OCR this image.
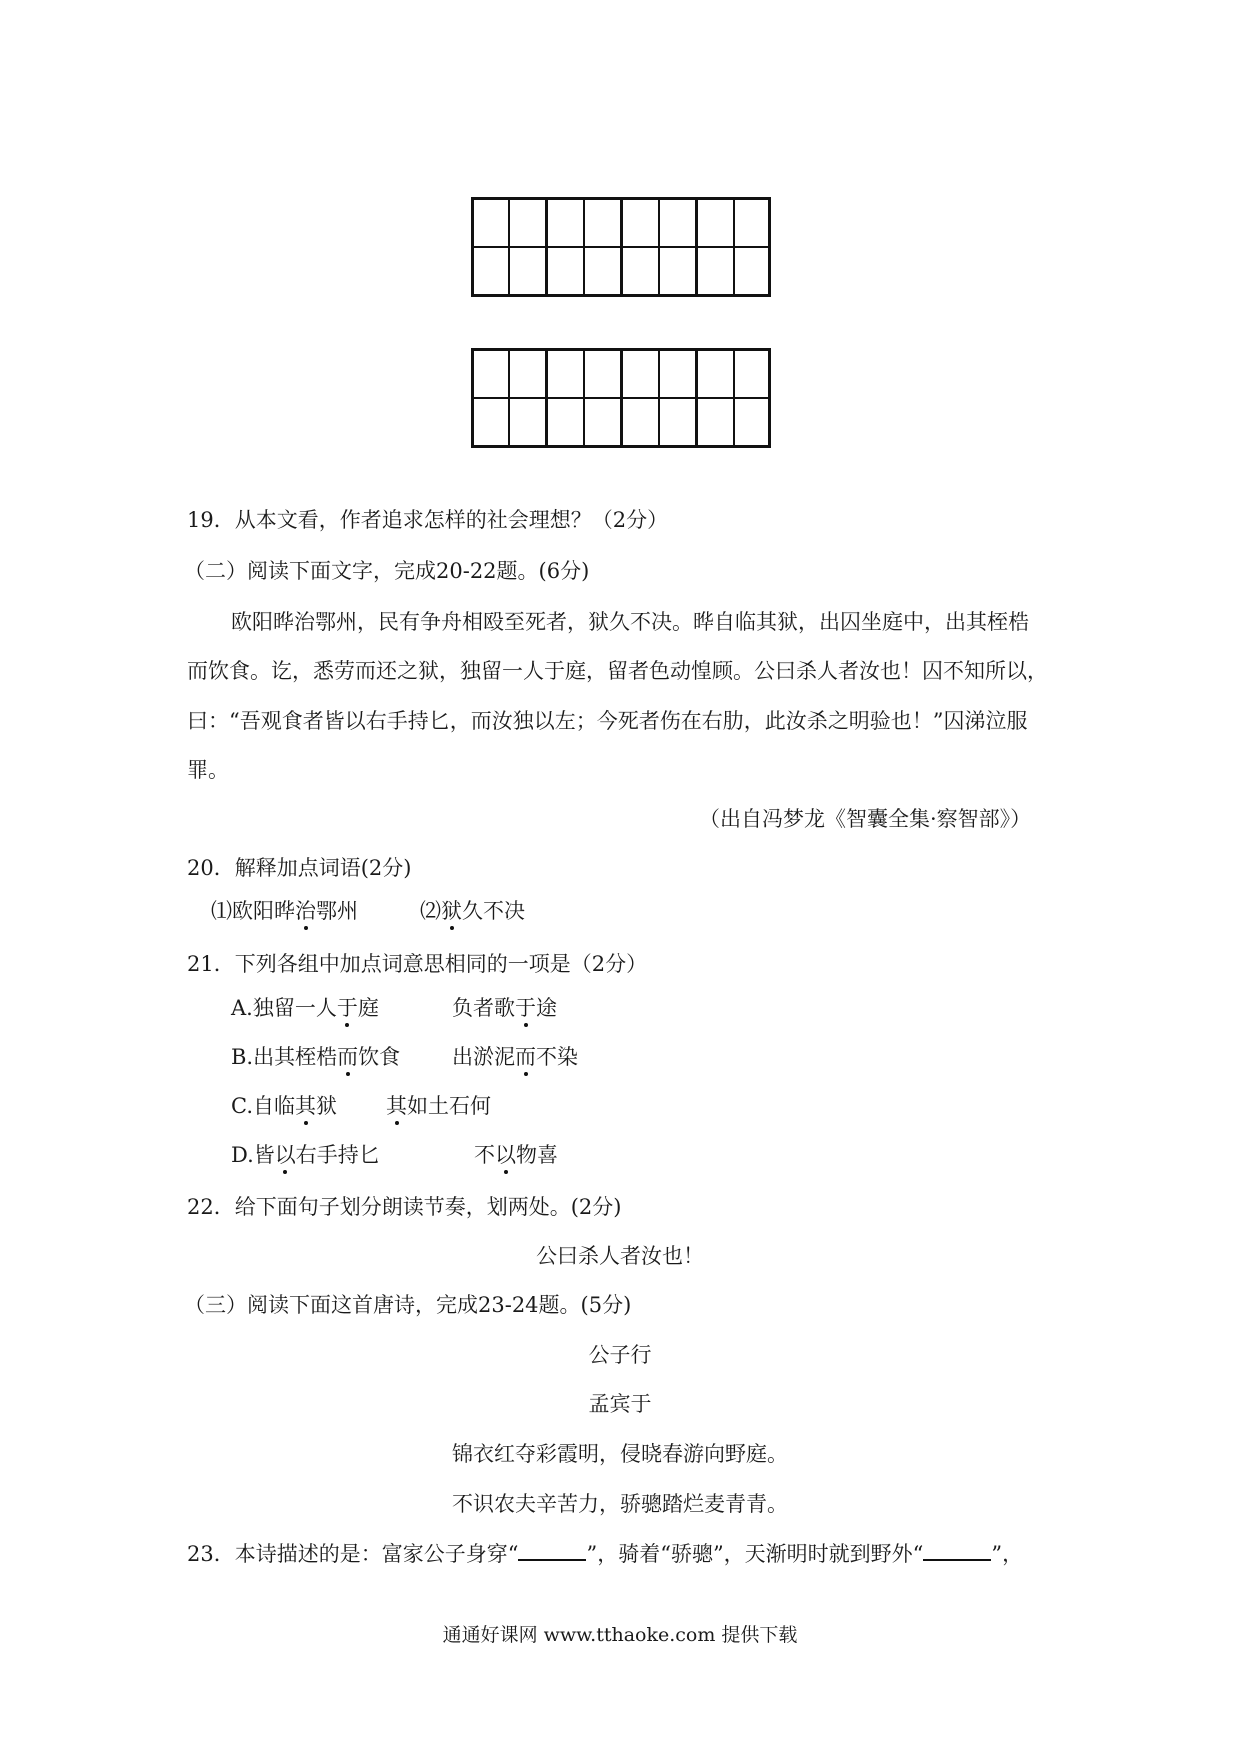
19．从本文看，作者追求怎样的社会理想？（2分）
（二）阅读下面文字，完成20-22题。(6分)
欧阳晔治鄂州，民有争舟相殴至死者，狱久不决。晔自临其狱，出囚坐庭中，出其桎梏
而饮食。讫，悉劳而还之狱，独留一人于庭，留者色动惶顾。公曰杀人者汝也！囚不知所以，
曰：“吾观食者皆以右手持匕，而汝独以左；今死者伤在右肋，此汝杀之明验也！”囚涕泣服
罪。
（出自冯梦龙《智囊全集·察智部》）
20．解释加点词语(2分)
⑴欧阳晔治鄂州	⑵狱久不决
21．下列各组中加点词意思相同的一项是（2分）
A.独留一人于庭	负者歌于途
B.出其桎梏而饮食 出淤泥而不染
C.自临其狱 其如土石何
D.皆以右手持匕	不以物喜
22．给下面句子划分朗读节奏，划两处。(2分)
公曰杀人者汝也！
（三）阅读下面这首唐诗，完成23-24题。(5分)
公子行
孟宾于
锦衣红夺彩霞明，侵晓春游向野庭。
不识农夫辛苦力，骄骢踏烂麦青青。
23．本诗描述的是：富家公子身穿“	”，骑着“骄骢”，天渐明时就到野外“	”，
通通好课网 www.tthaoke.com 提供下载
